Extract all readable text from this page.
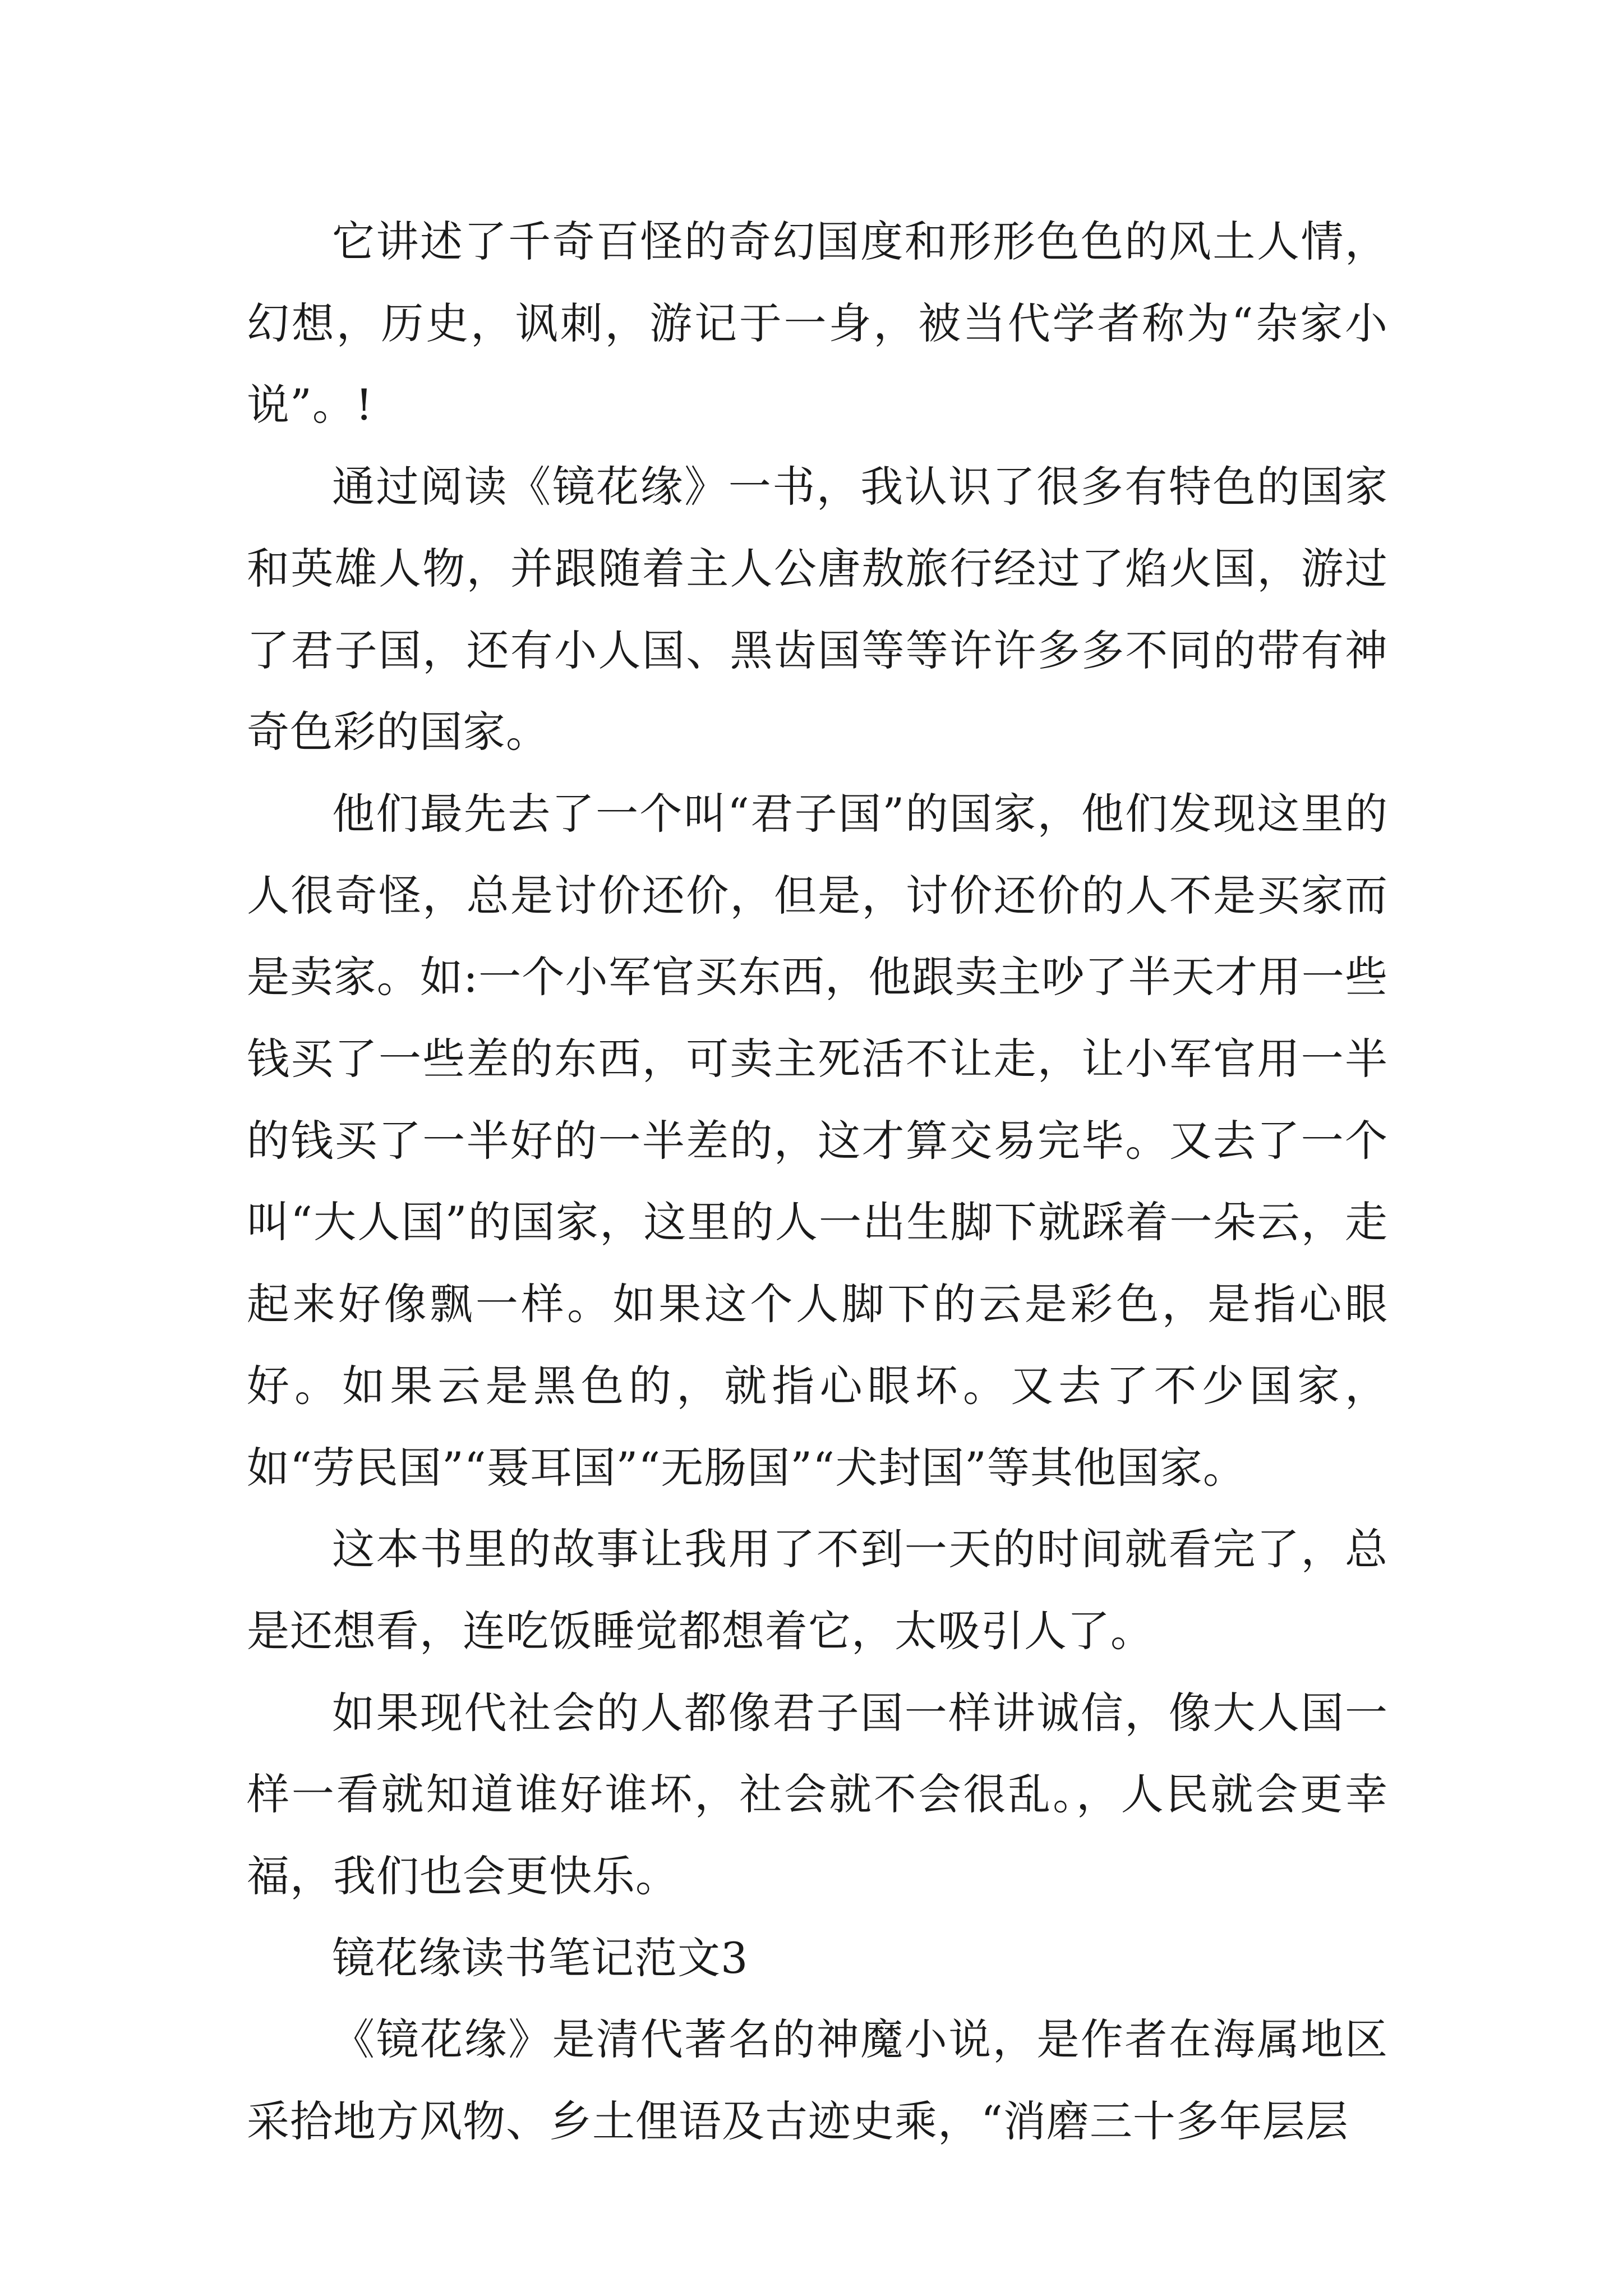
它讲述了千奇百怪的奇幻国度和形形色色的风土人情，幻想，历史，讽刺，游记于一身，被当代学者称为“杂家小说”。!

通过阅读《镜花缘》一书，我认识了很多有特色的国家和英雄人物，并跟随着主人公唐敖旅行经过了焰火国，游过了君子国，还有小人国、黑齿国等等许许多多不同的带有神奇色彩的国家。

他们最先去了一个叫“君子国”的国家，他们发现这里的人很奇怪，总是讨价还价，但是，讨价还价的人不是买家而是卖家。如:一个小军官买东西，他跟卖主吵了半天才用一些钱买了一些差的东西，可卖主死活不让走，让小军官用一半的钱买了一半好的一半差的，这才算交易完毕。又去了一个叫“大人国”的国家，这里的人一出生脚下就踩着一朵云，走起来好像飘一样。如果这个人脚下的云是彩色，是指心眼好。如果云是黑色的，就指心眼坏。又去了不少国家，如“劳民国”“聂耳国”“无肠国”“犬封国”等其他国家。

这本书里的故事让我用了不到一天的时间就看完了，总是还想看，连吃饭睡觉都想着它，太吸引人了。

如果现代社会的人都像君子国一样讲诚信，像大人国一样一看就知道谁好谁坏，社会就不会很乱。，人民就会更幸福，我们也会更快乐。

镜花缘读书笔记范文3

《镜花缘》是清代著名的神魔小说，是作者在海属地区采拾地方风物、乡土俚语及古迹史乘，“消磨三十多年层层
